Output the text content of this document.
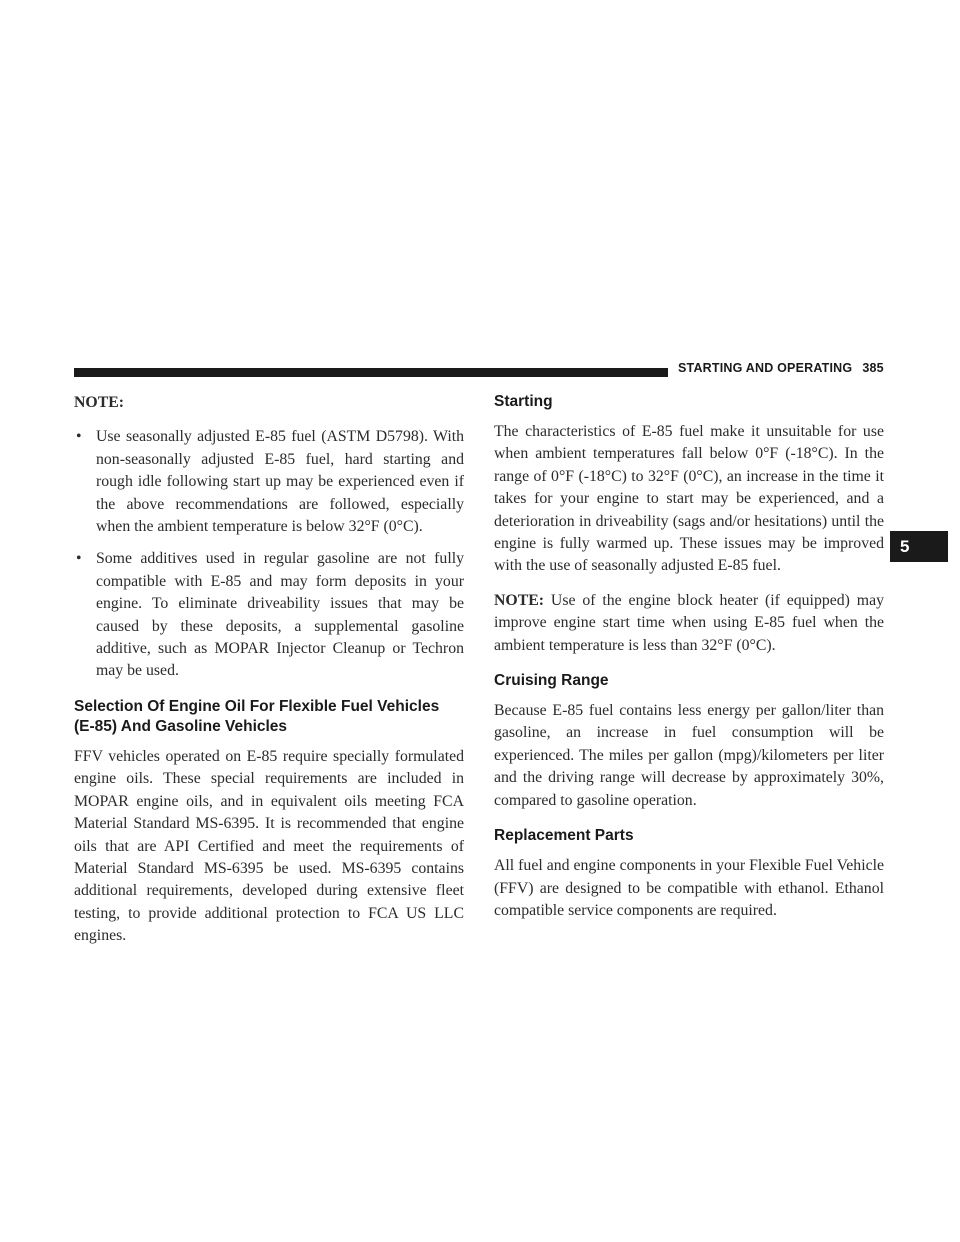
STARTING AND OPERATING 385
5

NOTE:

• Use seasonally adjusted E-85 fuel (ASTM D5798). With non-seasonally adjusted E-85 fuel, hard starting and rough idle following start up may be experienced even if the above recommendations are followed, especially when the ambient temperature is below 32°F (0°C).
• Some additives used in regular gasoline are not fully compatible with E-85 and may form deposits in your engine. To eliminate driveability issues that may be caused by these deposits, a supplemental gasoline additive, such as MOPAR Injector Cleanup or Techron may be used.
Selection Of Engine Oil For Flexible Fuel Vehicles (E-85) And Gasoline Vehicles

FFV vehicles operated on E-85 require specially formulated engine oils. These special requirements are included in MOPAR engine oils, and in equivalent oils meeting FCA Material Standard MS-6395. It is recommended that engine oils that are API Certified and meet the requirements of Material Standard MS-6395 be used. MS-6395 contains additional requirements, developed during extensive fleet testing, to provide additional protection to FCA US LLC engines.

Starting

The characteristics of E-85 fuel make it unsuitable for use when ambient temperatures fall below 0°F (-18°C). In the range of 0°F (-18°C) to 32°F (0°C), an increase in the time it takes for your engine to start may be experienced, and a deterioration in driveability (sags and/or hesitations) until the engine is fully warmed up. These issues may be improved with the use of seasonally adjusted E-85 fuel.

NOTE: Use of the engine block heater (if equipped) may improve engine start time when using E-85 fuel when the ambient temperature is less than 32°F (0°C).

Cruising Range

Because E-85 fuel contains less energy per gallon/liter than gasoline, an increase in fuel consumption will be experienced. The miles per gallon (mpg)/kilometers per liter and the driving range will decrease by approximately 30%, compared to gasoline operation.

Replacement Parts

All fuel and engine components in your Flexible Fuel Vehicle (FFV) are designed to be compatible with ethanol. Ethanol compatible service components are required.
